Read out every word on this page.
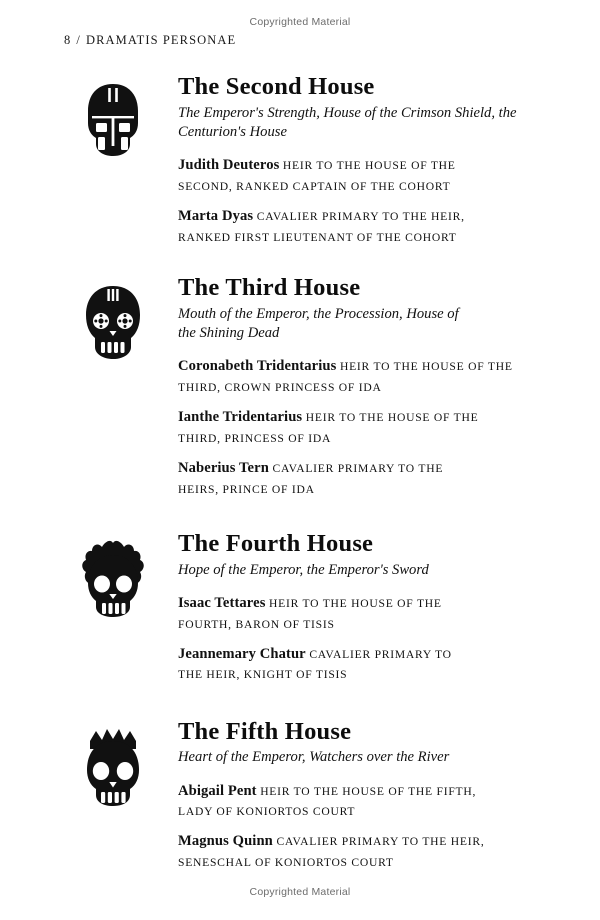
Copyrighted Material
8 / DRAMATIS PERSONAE
The Second House

The Emperor's Strength, House of the Crimson Shield, the Centurion's House

Judith Deuteros HEIR TO THE HOUSE OF THE SECOND, RANKED CAPTAIN OF THE COHORT

Marta Dyas CAVALIER PRIMARY TO THE HEIR, RANKED FIRST LIEUTENANT OF THE COHORT

The Third House

Mouth of the Emperor, the Procession, House of the Shining Dead

Coronabeth Tridentarius HEIR TO THE HOUSE OF THE THIRD, CROWN PRINCESS OF IDA

Ianthe Tridentarius HEIR TO THE HOUSE OF THE THIRD, PRINCESS OF IDA

Naberius Tern CAVALIER PRIMARY TO THE HEIRS, PRINCE OF IDA

The Fourth House

Hope of the Emperor, the Emperor's Sword

Isaac Tettares HEIR TO THE HOUSE OF THE FOURTH, BARON OF TISIS

Jeannemary Chatur CAVALIER PRIMARY TO THE HEIR, KNIGHT OF TISIS

The Fifth House

Heart of the Emperor, Watchers over the River

Abigail Pent HEIR TO THE HOUSE OF THE FIFTH, LADY OF KONIORTOS COURT

Magnus Quinn CAVALIER PRIMARY TO THE HEIR, SENESCHAL OF KONIORTOS COURT

Copyrighted Material
